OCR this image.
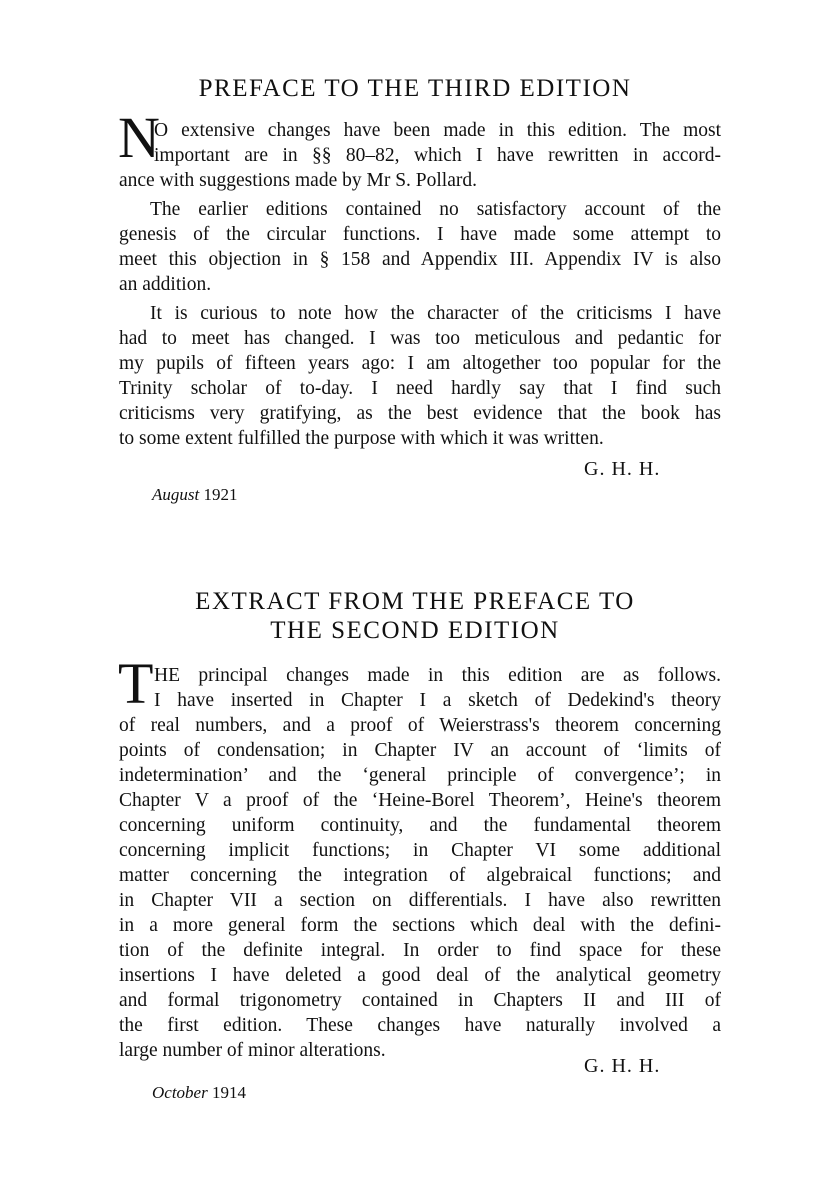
PREFACE TO THE THIRD EDITION
N
O extensive changes have been made in this edition. The most
important are in §§ 80–82, which I have rewritten in accord-
ance with suggestions made by Mr S. Pollard.
The earlier editions contained no satisfactory account of the
genesis of the circular functions. I have made some attempt to
meet this objection in § 158 and Appendix III. Appendix IV is also
an addition.
It is curious to note how the character of the criticisms I have
had to meet has changed. I was too meticulous and pedantic for
my pupils of fifteen years ago: I am altogether too popular for the
Trinity scholar of to-day. I need hardly say that I find such
criticisms very gratifying, as the best evidence that the book has
to some extent fulfilled the purpose with which it was written.
G. H. H.
August 1921
EXTRACT FROM THE PREFACE TO
THE SECOND EDITION
T HE principal changes made in this edition are as follows.
I have inserted in Chapter I a sketch of Dedekind's theory
of real numbers, and a proof of Weierstrass's theorem concerning
points of condensation; in Chapter IV an account of ‘limits of
indetermination’ and the ‘general principle of convergence’; in
Chapter V a proof of the ‘Heine-Borel Theorem’, Heine's theorem
concerning uniform continuity, and the fundamental theorem
concerning implicit functions; in Chapter VI some additional
matter concerning the integration of algebraical functions; and
in Chapter VII a section on differentials. I have also rewritten
in a more general form the sections which deal with the defini-
tion of the definite integral. In order to find space for these
insertions I have deleted a good deal of the analytical geometry
and formal trigonometry contained in Chapters II and III of
the first edition. These changes have naturally involved a
large number of minor alterations.
G. H. H.
October 1914
